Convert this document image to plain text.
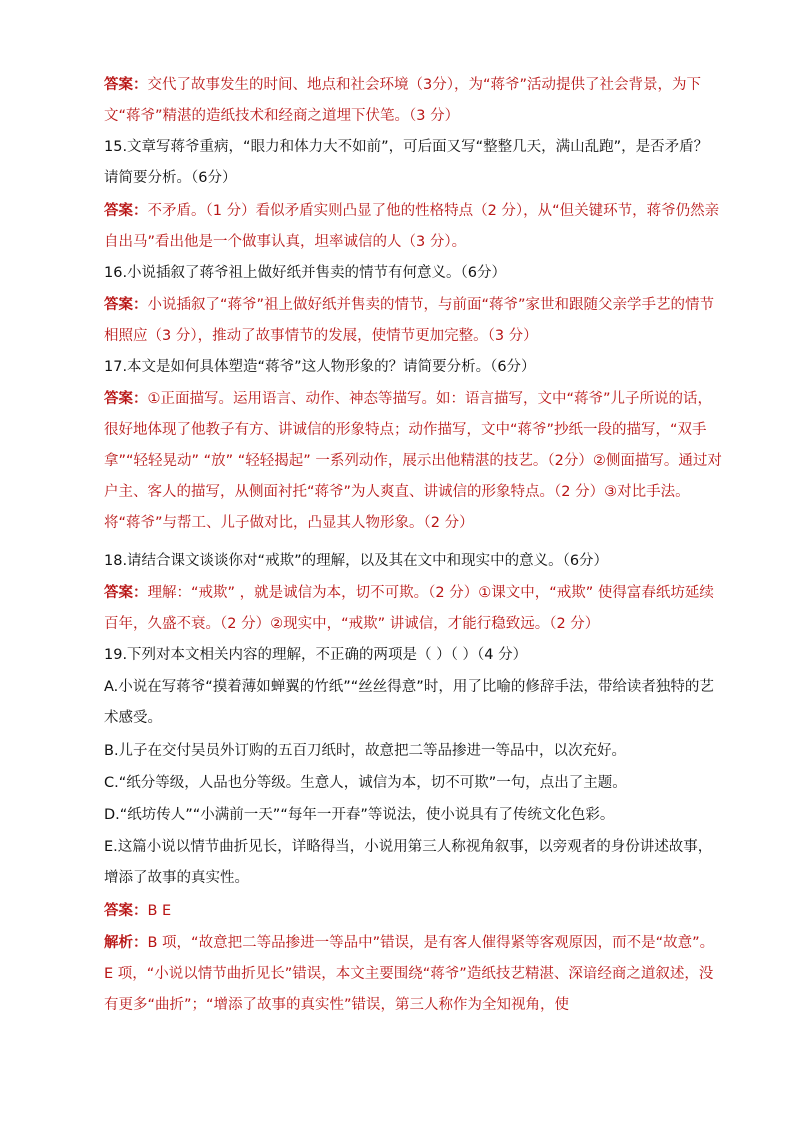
答案：交代了故事发生的时间、地点和社会环境（3分），为“蒋爷”活动提供了社会背景，为下文“蒋爷”精湛的造纸技术和经商之道埋下伏笔。（3 分）

15.文章写蒋爷重病，“眼力和体力大不如前”，可后面又写“整整几天，满山乱跑”，是否矛盾？请简要分析。（6分）

答案：不矛盾。（1 分）看似矛盾实则凸显了他的性格特点（2 分），从“但关键环节，蒋爷仍然亲自出马”看出他是一个做事认真，坦率诚信的人（3 分）。

16.小说插叙了蒋爷祖上做好纸并售卖的情节有何意义。（6分）

答案：小说插叙了“蒋爷”祖上做好纸并售卖的情节，与前面“蒋爷”家世和跟随父亲学手艺的情节相照应（3 分），推动了故事情节的发展，使情节更加完整。（3 分）

17.本文是如何具体塑造“蒋爷”这人物形象的？请简要分析。（6分）

答案：①正面描写。运用语言、动作、神态等描写。如：语言描写，文中“蒋爷”儿子所说的话，很好地体现了他教子有方、讲诚信的形象特点；动作描写，文中“蒋爷”抄纸一段的描写，“双手拿”“轻轻晃动” “放” “轻轻揭起” 一系列动作，展示出他精湛的技艺。（2分）②侧面描写。通过对户主、客人的描写，从侧面衬托“蒋爷”为人爽直、讲诚信的形象特点。（2 分）③对比手法。将“蒋爷”与帮工、儿子做对比，凸显其人物形象。（2 分）

18.请结合课文谈谈你对“戒欺”的理解，以及其在文中和现实中的意义。（6分）

答案：理解：“戒欺” ，就是诚信为本，切不可欺。（2 分）①课文中，“戒欺” 使得富春纸坊延续百年，久盛不衰。（2 分）②现实中，“戒欺” 讲诚信，才能行稳致远。（2 分）

19.下列对本文相关内容的理解，不正确的两项是（ ）（ ）（4 分）

A.小说在写蒋爷“摸着薄如蝉翼的竹纸”“丝丝得意”时，用了比喻的修辞手法，带给读者独特的艺术感受。

B.儿子在交付吴员外订购的五百刀纸时，故意把二等品掺进一等品中，以次充好。

C.“纸分等级，人品也分等级。生意人，诚信为本，切不可欺”一句，点出了主题。

D.“纸坊传人”“小满前一天”“每年一开春”等说法，使小说具有了传统文化色彩。

E.这篇小说以情节曲折见长，详略得当，小说用第三人称视角叙事，以旁观者的身份讲述故事，增添了故事的真实性。

答案：B E

解析：B 项，“故意把二等品掺进一等品中”错误，是有客人催得紧等客观原因，而不是“故意”。E 项，“小说以情节曲折见长”错误，本文主要围绕“蒋爷”造纸技艺精湛、深谙经商之道叙述，没有更多“曲折”；“增添了故事的真实性”错误，第三人称作为全知视角，使
